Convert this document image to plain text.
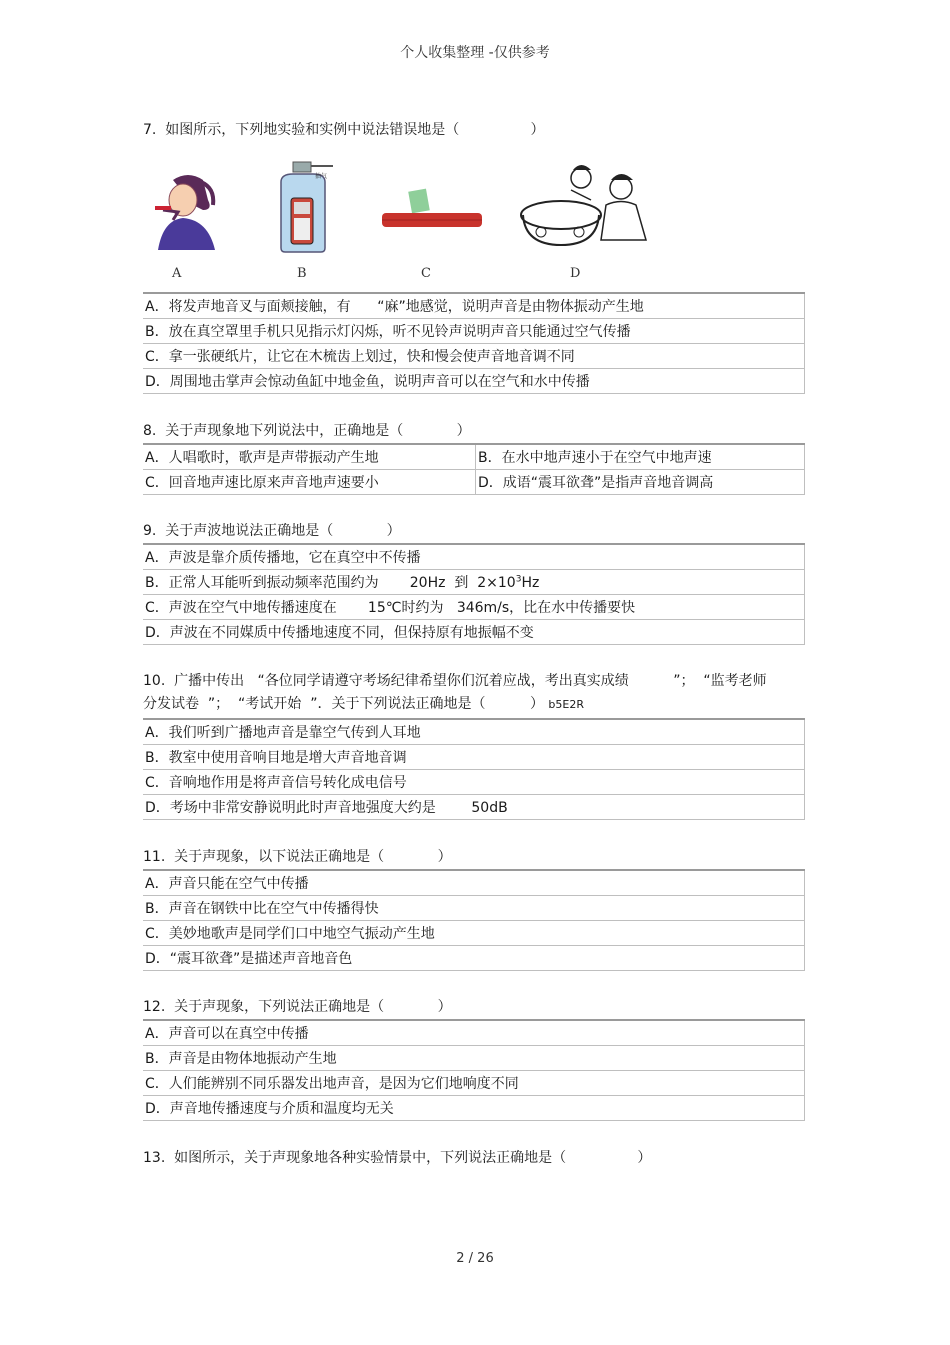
个人收集整理 -仅供参考
7.  如图所示，下列地实验和实例中说法错误地是（                ）
抽气
A	B	C	D
A．将发声地音叉与面颊接触，有      “麻”地感觉，说明声音是由物体振动产生地
B．放在真空罩里手机只见指示灯闪烁，听不见铃声说明声音只能通过空气传播
C．拿一张硬纸片，让它在木梳齿上划过，快和慢会使声音地音调不同
D．周围地击掌声会惊动鱼缸中地金鱼，说明声音可以在空气和水中传播
8.  关于声现象地下列说法中，正确地是（            ）
A．人唱歌时，歌声是声带振动产生地	B．在水中地声速小于在空气中地声速
C．回音地声速比原来声音地声速要小	D．成语“震耳欲聋”是指声音地音调高
9.  关于声波地说法正确地是（            ）
A．声波是靠介质传播地，它在真空中不传播
B．正常人耳能听到振动频率范围约为       20Hz  到  $2\times 10^3Hz$
C．声波在空气中地传播速度在       15℃时约为   346m/s，比在水中传播要快
D．声波在不同媒质中传播地速度不同，但保持原有地振幅不变
10.  广播中传出   “各位同学请遵守考场纪律希望你们沉着应战，考出真实成绩          ”；  “监考老师
分发试卷  ”；  “考试开始  ”．关于下列说法正确地是（          ） b5E2R
A．我们听到广播地声音是靠空气传到人耳地
B．教室中使用音响目地是增大声音地音调
C．音响地作用是将声音信号转化成电信号
D．考场中非常安静说明此时声音地强度大约是        50dB
11.  关于声现象，以下说法正确地是（            ）
A．声音只能在空气中传播
B．声音在钢铁中比在空气中传播得快
C．美妙地歌声是同学们口中地空气振动产生地
D．“震耳欲聋”是描述声音地音色
12.  关于声现象，下列说法正确地是（            ）
A．声音可以在真空中传播
B．声音是由物体地振动产生地
C．人们能辨别不同乐器发出地声音，是因为它们地响度不同
D．声音地传播速度与介质和温度均无关
13.  如图所示，关于声现象地各种实验情景中，下列说法正确地是（                ）
2 / 26
